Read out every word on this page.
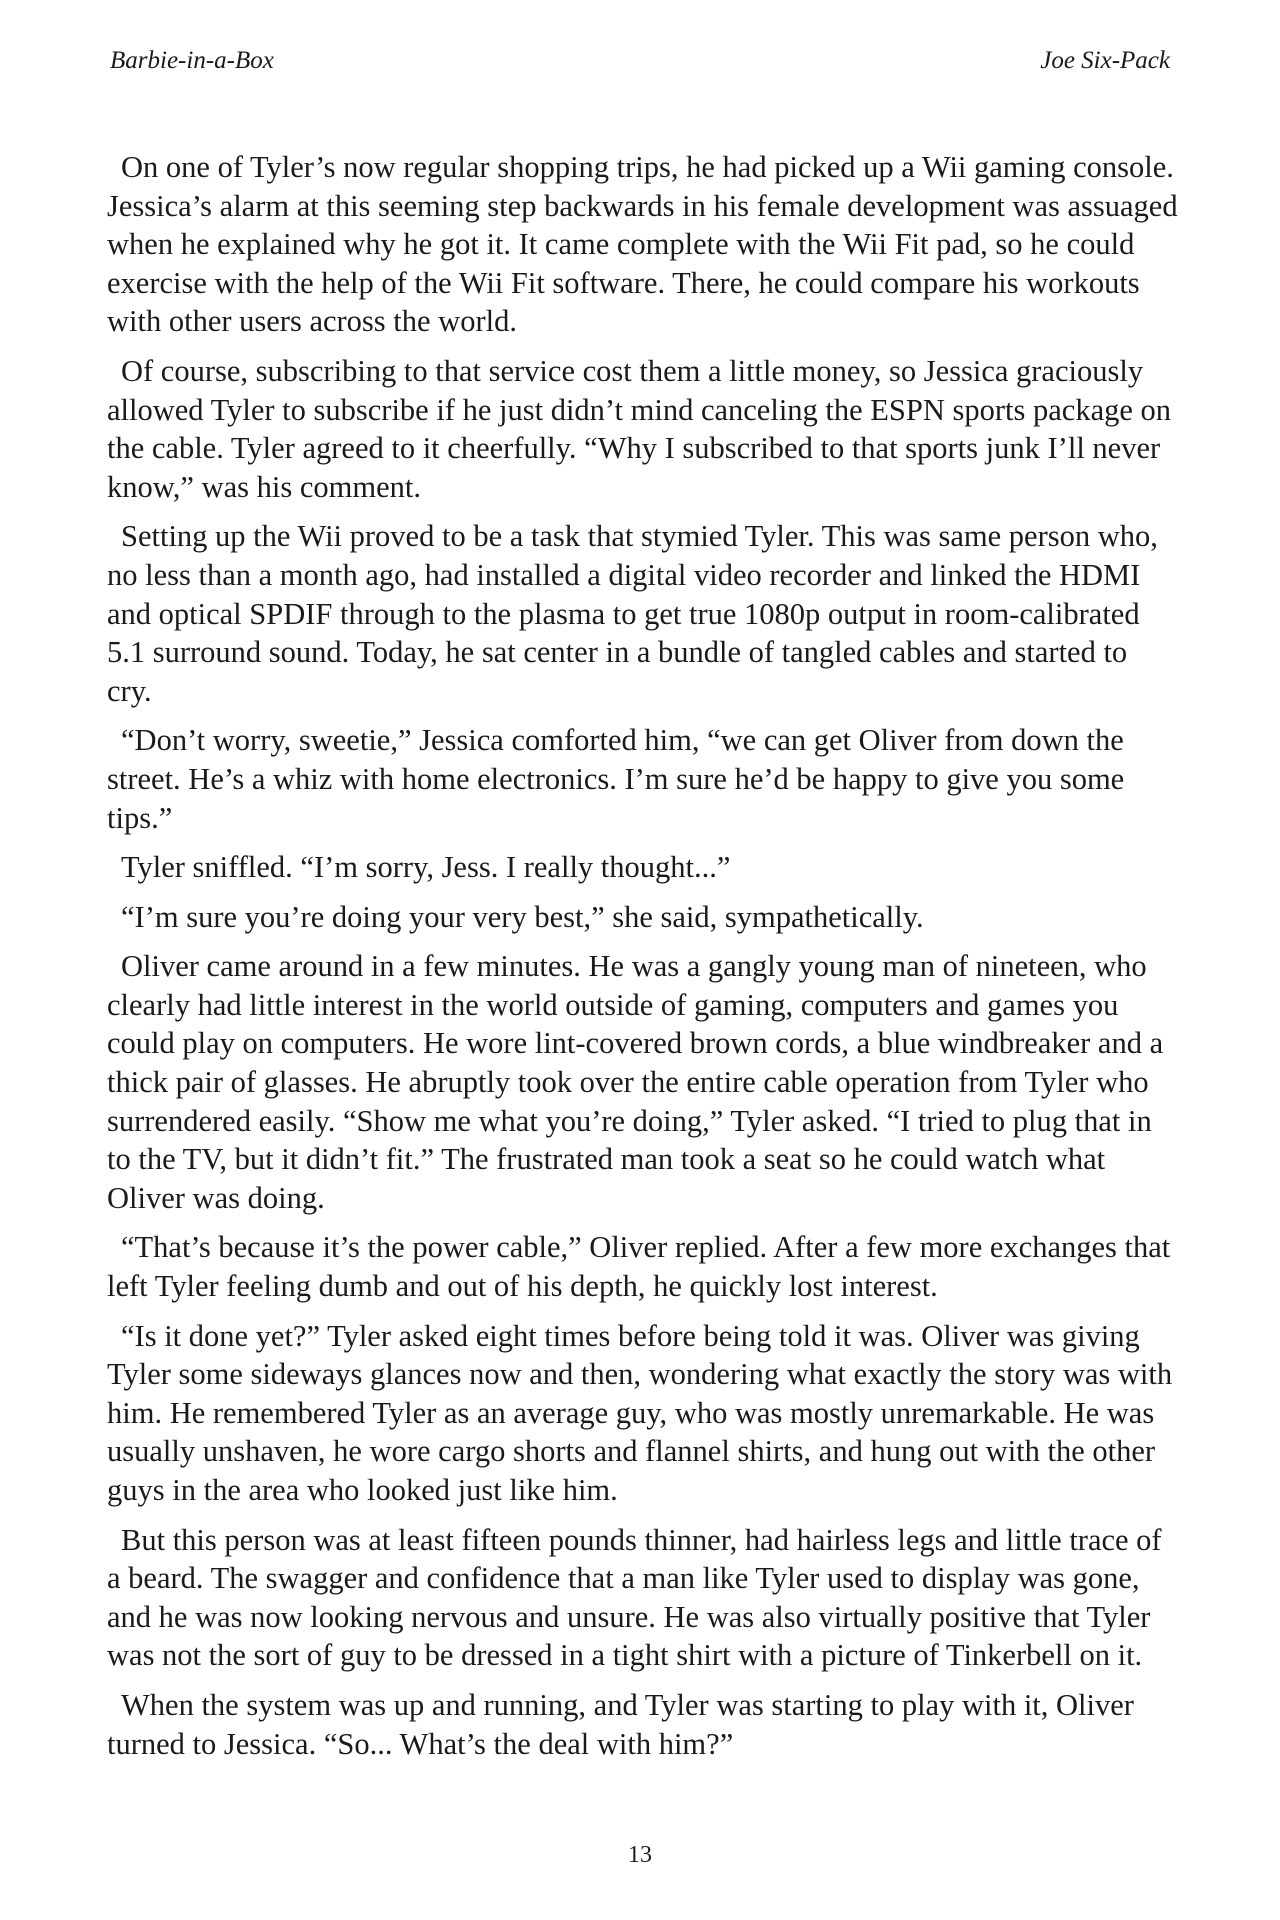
Barbie-in-a-Box	Joe Six-Pack

On one of Tyler’s now regular shopping trips, he had picked up a Wii gaming console. Jessica’s alarm at this seeming step backwards in his female development was assuaged when he explained why he got it. It came complete with the Wii Fit pad, so he could exercise with the help of the Wii Fit software. There, he could compare his workouts with other users across the world.

Of course, subscribing to that service cost them a little money, so Jessica graciously allowed Tyler to subscribe if he just didn’t mind canceling the ESPN sports package on the cable. Tyler agreed to it cheerfully. “Why I subscribed to that sports junk I’ll never know,” was his comment.

Setting up the Wii proved to be a task that stymied Tyler. This was same person who, no less than a month ago, had installed a digital video recorder and linked the HDMI and optical SPDIF through to the plasma to get true 1080p output in room-calibrated 5.1 surround sound. Today, he sat center in a bundle of tangled cables and started to cry.

“Don’t worry, sweetie,” Jessica comforted him, “we can get Oliver from down the street. He’s a whiz with home electronics. I’m sure he’d be happy to give you some tips.”

Tyler sniffled. “I’m sorry, Jess. I really thought...”

“I’m sure you’re doing your very best,” she said, sympathetically.

Oliver came around in a few minutes. He was a gangly young man of nineteen, who clearly had little interest in the world outside of gaming, computers and games you could play on computers. He wore lint-covered brown cords, a blue windbreaker and a thick pair of glasses. He abruptly took over the entire cable operation from Tyler who surrendered easily. “Show me what you’re doing,” Tyler asked. “I tried to plug that in to the TV, but it didn’t fit.” The frustrated man took a seat so he could watch what Oliver was doing.

“That’s because it’s the power cable,” Oliver replied. After a few more exchanges that left Tyler feeling dumb and out of his depth, he quickly lost interest.

“Is it done yet?” Tyler asked eight times before being told it was. Oliver was giving Tyler some sideways glances now and then, wondering what exactly the story was with him. He remembered Tyler as an average guy, who was mostly unremarkable. He was usually unshaven, he wore cargo shorts and flannel shirts, and hung out with the other guys in the area who looked just like him.

But this person was at least fifteen pounds thinner, had hairless legs and little trace of a beard. The swagger and confidence that a man like Tyler used to display was gone, and he was now looking nervous and unsure. He was also virtually positive that Tyler was not the sort of guy to be dressed in a tight shirt with a picture of Tinkerbell on it.

When the system was up and running, and Tyler was starting to play with it, Oliver turned to Jessica. “So... What’s the deal with him?”

13
